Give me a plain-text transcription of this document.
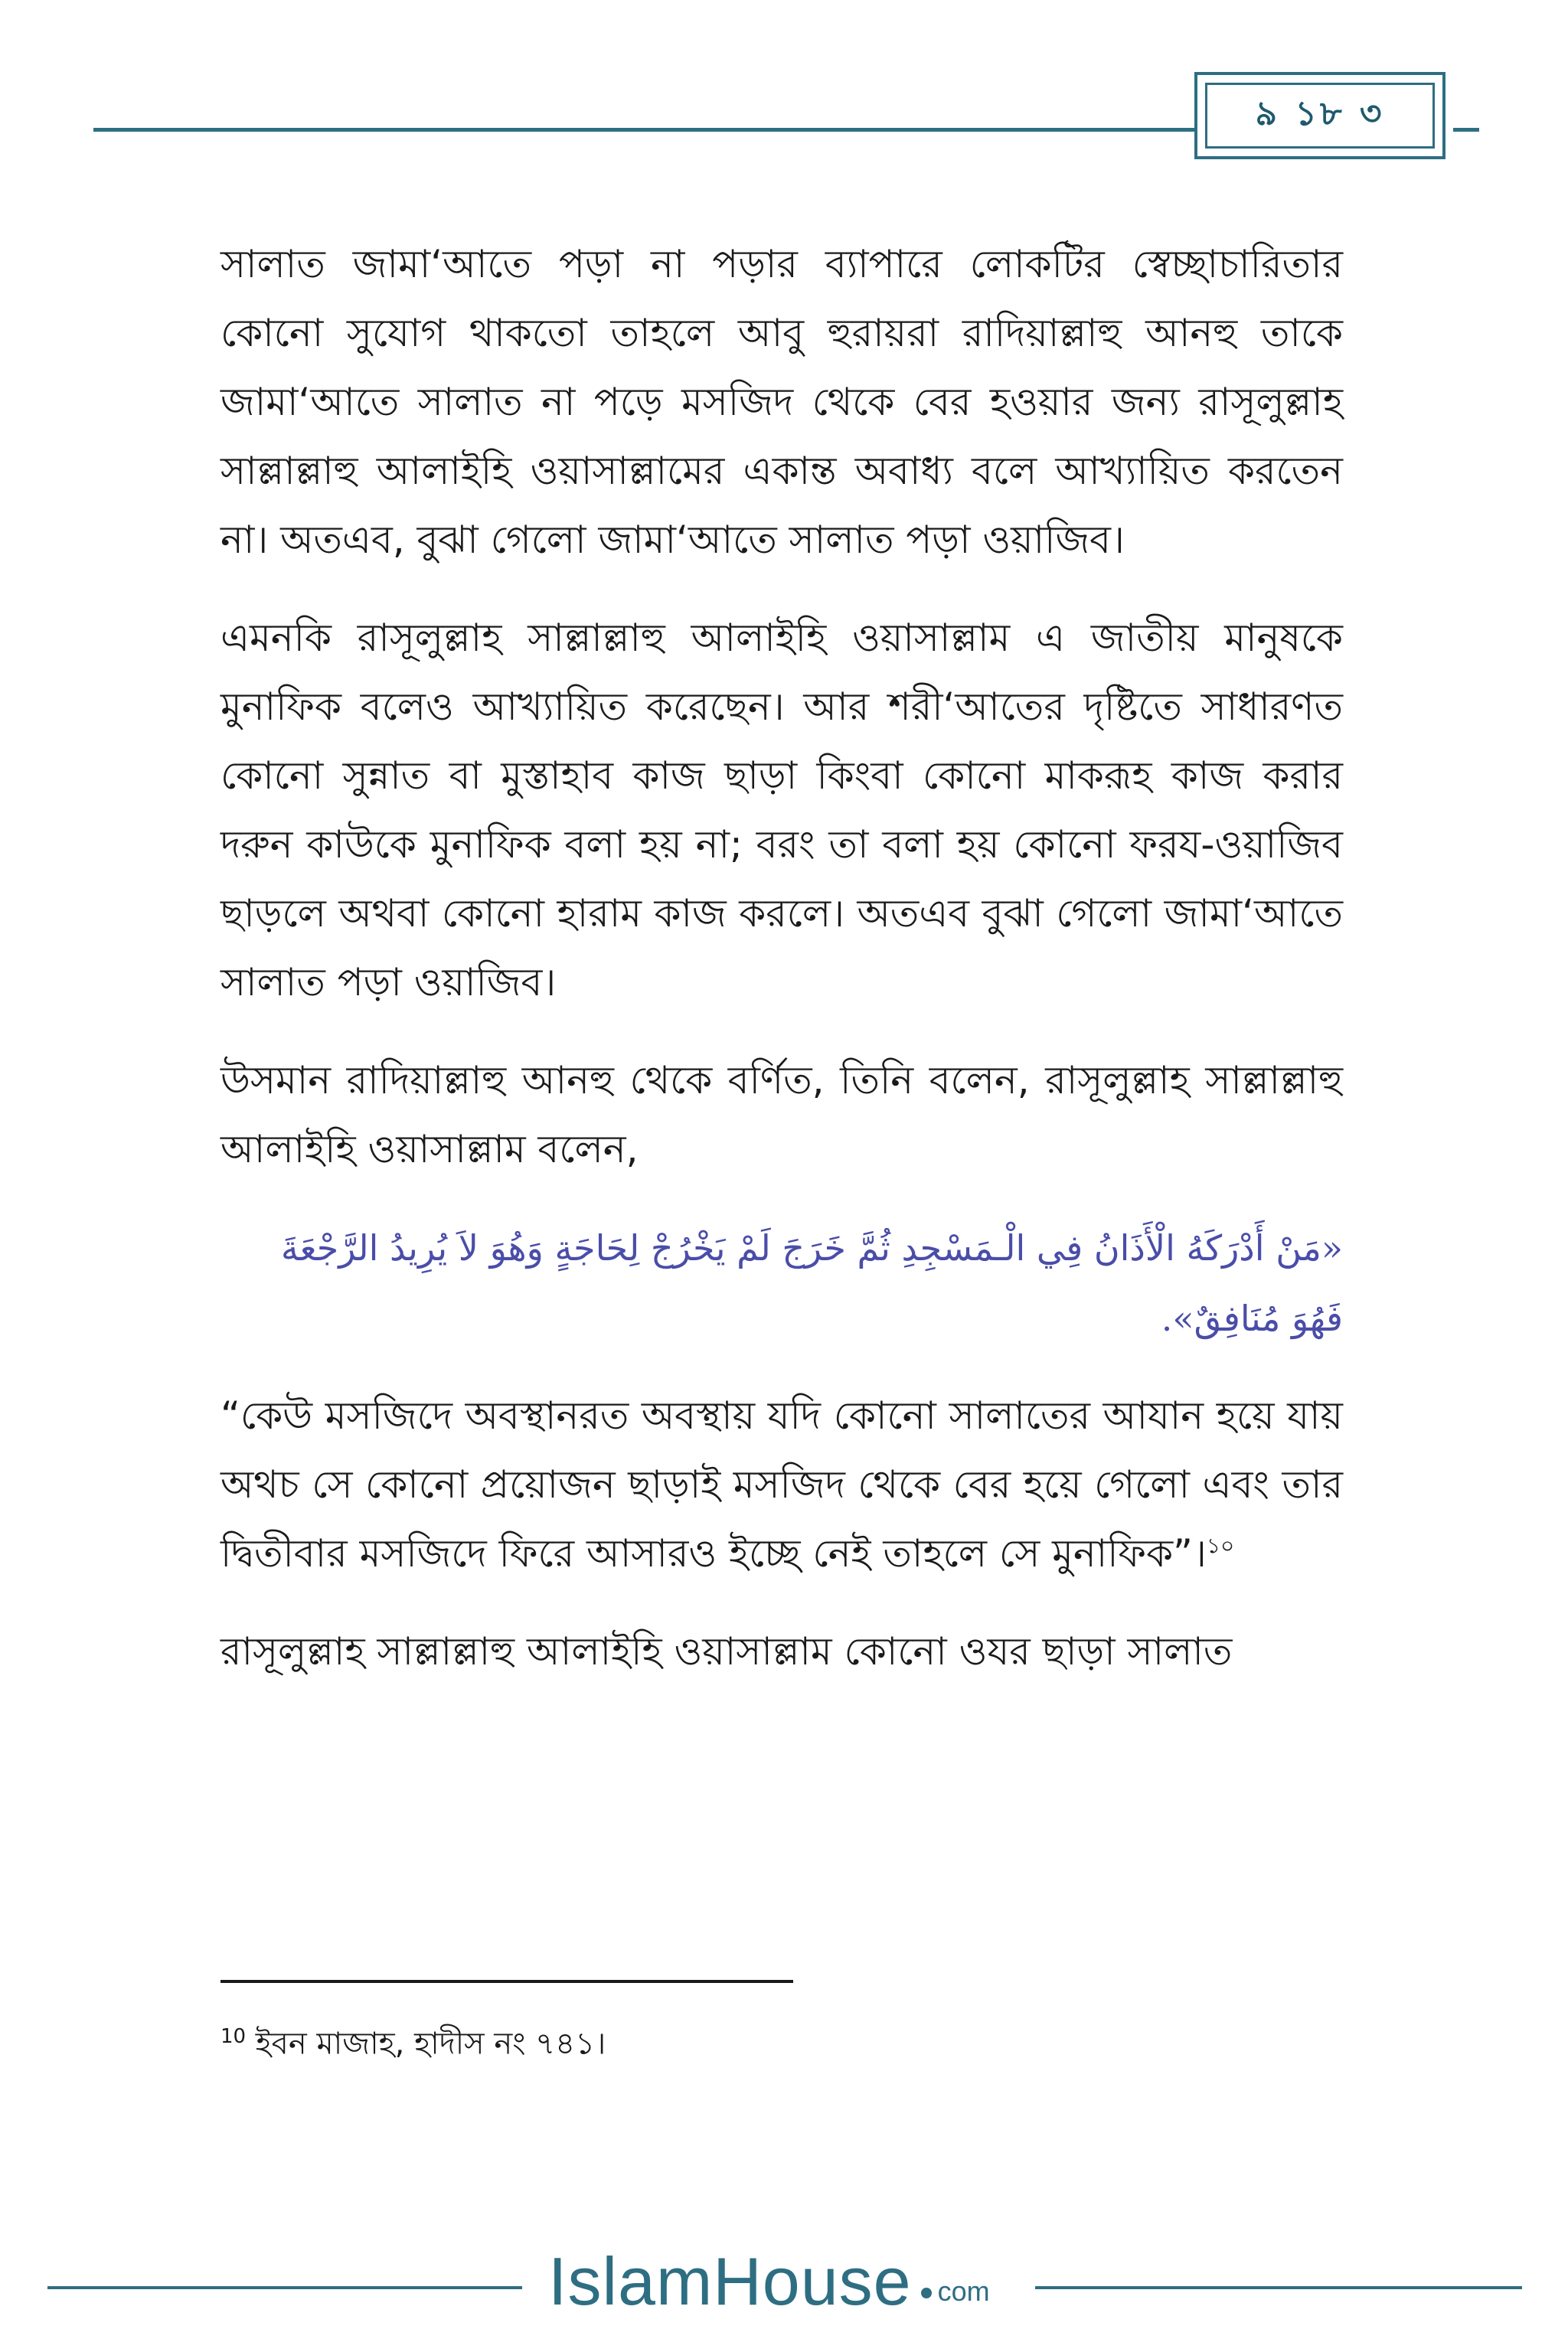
৯ ১৮ ৩

সালাত জামা‘আতে পড়া না পড়ার ব্যাপারে লোকটির স্বেচ্ছাচারিতার কোনো সুযোগ থাকতো তাহলে আবু হুরায়রা রাদিয়াল্লাহু আনহু তাকে জামা‘আতে সালাত না পড়ে মসজিদ থেকে বের হওয়ার জন্য রাসূলুল্লাহ সাল্লাল্লাহু আলাইহি ওয়াসাল্লামের একান্ত অবাধ্য বলে আখ্যায়িত করতেন না। অতএব, বুঝা গেলো জামা‘আতে সালাত পড়া ওয়াজিব।

এমনকি রাসূলুল্লাহ সাল্লাল্লাহু আলাইহি ওয়াসাল্লাম এ জাতীয় মানুষকে মুনাফিক বলেও আখ্যায়িত করেছেন। আর শরী‘আতের দৃষ্টিতে সাধারণত কোনো সুন্নাত বা মুস্তাহাব কাজ ছাড়া কিংবা কোনো মাকরূহ কাজ করার দরুন কাউকে মুনাফিক বলা হয় না; বরং তা বলা হয় কোনো ফরয-ওয়াজিব ছাড়লে অথবা কোনো হারাম কাজ করলে। অতএব বুঝা গেলো জামা‘আতে সালাত পড়া ওয়াজিব।

উসমান রাদিয়াল্লাহু আনহু থেকে বর্ণিত, তিনি বলেন, রাসূলুল্লাহ সাল্লাল্লাহু আলাইহি ওয়াসাল্লাম বলেন,

«مَنْ أَدْرَكَهُ الْأَذَانُ فِي الْـمَسْجِدِ ثُمَّ خَرَجَ لَمْ يَخْرُجْ لِحَاجَةٍ وَهُوَ لاَ يُرِيدُ الرَّجْعَةَ فَهُوَ مُنَافِقٌ».

“কেউ মসজিদে অবস্থানরত অবস্থায় যদি কোনো সালাতের আযান হয়ে যায় অথচ সে কোনো প্রয়োজন ছাড়াই মসজিদ থেকে বের হয়ে গেলো এবং তার দ্বিতীবার মসজিদে ফিরে আসারও ইচ্ছে নেই তাহলে সে মুনাফিক”।$^{১০}$

রাসূলুল্লাহ সাল্লাল্লাহু আলাইহি ওয়াসাল্লাম কোনো ওযর ছাড়া সালাত

$^{10}$ ইবন মাজাহ, হাদীস নং ৭৪১।
IslamHouse com
